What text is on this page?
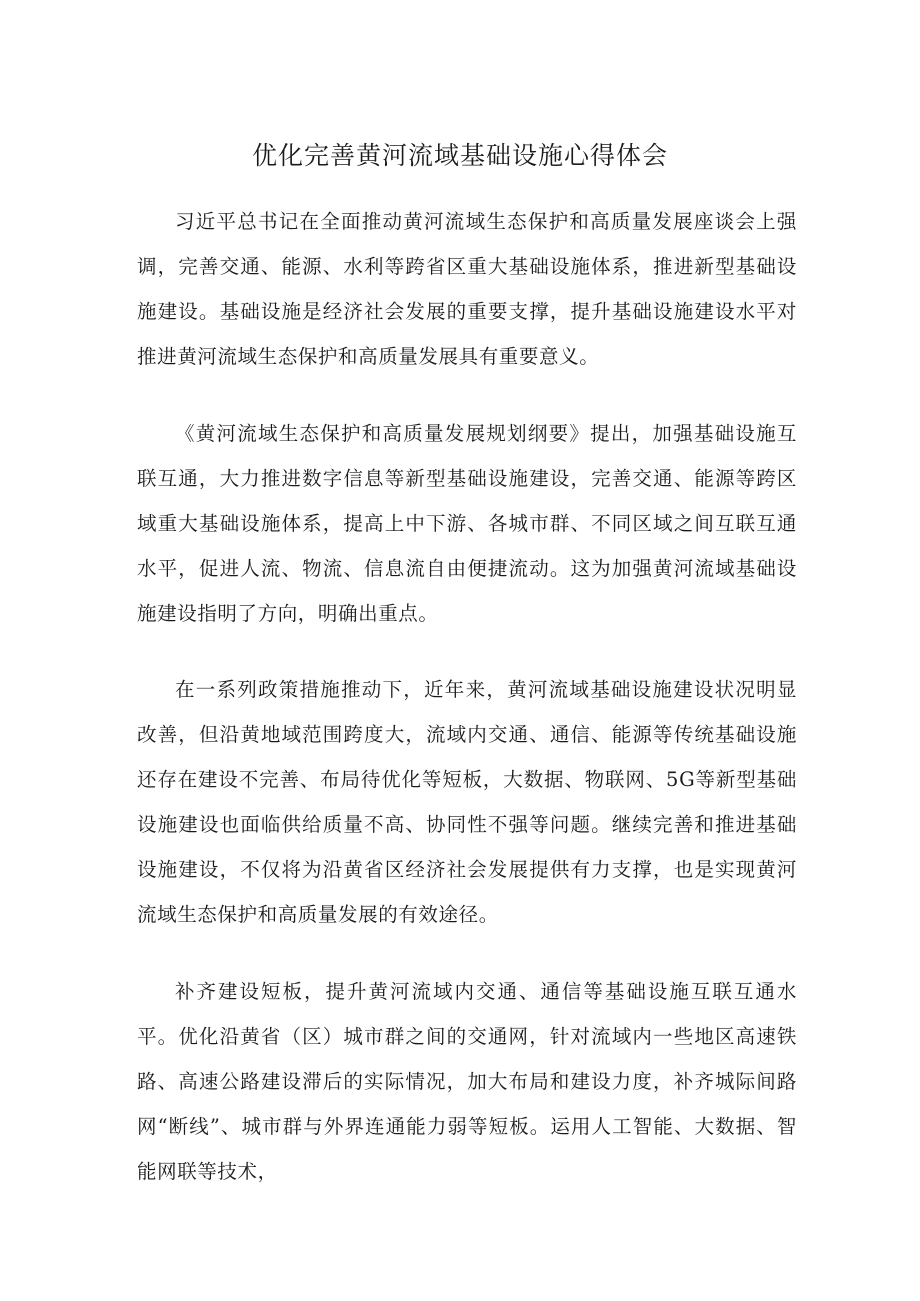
优化完善黄河流域基础设施心得体会

习近平总书记在全面推动黄河流域生态保护和高质量发展座谈会上强调，完善交通、能源、水利等跨省区重大基础设施体系，推进新型基础设施建设。基础设施是经济社会发展的重要支撑，提升基础设施建设水平对推进黄河流域生态保护和高质量发展具有重要意义。

《黄河流域生态保护和高质量发展规划纲要》提出，加强基础设施互联互通，大力推进数字信息等新型基础设施建设，完善交通、能源等跨区域重大基础设施体系，提高上中下游、各城市群、不同区域之间互联互通水平，促进人流、物流、信息流自由便捷流动。这为加强黄河流域基础设施建设指明了方向，明确出重点。

在一系列政策措施推动下，近年来，黄河流域基础设施建设状况明显改善，但沿黄地域范围跨度大，流域内交通、通信、能源等传统基础设施还存在建设不完善、布局待优化等短板，大数据、物联网、5G等新型基础设施建设也面临供给质量不高、协同性不强等问题。继续完善和推进基础设施建设，不仅将为沿黄省区经济社会发展提供有力支撑，也是实现黄河流域生态保护和高质量发展的有效途径。

补齐建设短板，提升黄河流域内交通、通信等基础设施互联互通水平。优化沿黄省（区）城市群之间的交通网，针对流域内一些地区高速铁路、高速公路建设滞后的实际情况，加大布局和建设力度，补齐城际间路网“断线”、城市群与外界连通能力弱等短板。运用人工智能、大数据、智能网联等技术，
